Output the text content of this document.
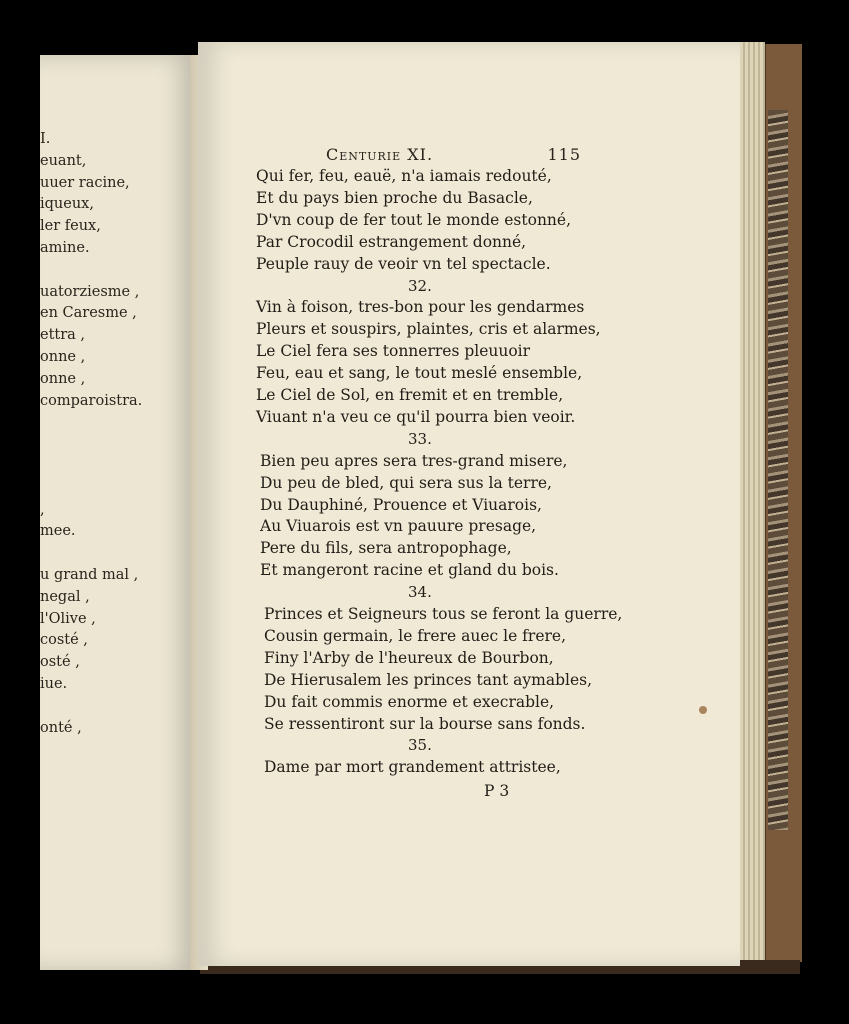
I.
euant,
uuer racine,
iqueux,
ler feux,
amine.
uatorziesme ,
en Caresme ,
ettra ,
onne ,
onne ,
comparoistra.
,
mee.
u grand mal ,
negal ,
l'Olive ,
costé ,
osté ,
iue.
onté ,
Centurie XI.	115
Qui fer, feu, eauë, n'a iamais redouté,
Et du pays bien proche du Basacle,
D'vn coup de fer tout le monde estonné,
Par Crocodil estrangement donné,
Peuple rauy de veoir vn tel spectacle.
32.
Vin à foison, tres-bon pour les gendarmes
Pleurs et souspirs, plaintes, cris et alarmes,
Le Ciel fera ses tonnerres pleuuoir
Feu, eau et sang, le tout meslé ensemble,
Le Ciel de Sol, en fremit et en tremble,
Viuant n'a veu ce qu'il pourra bien veoir.
33.
Bien peu apres sera tres-grand misere,
Du peu de bled, qui sera sus la terre,
Du Dauphiné, Prouence et Viuarois,
Au Viuarois est vn pauure presage,
Pere du fils, sera antropophage,
Et mangeront racine et gland du bois.
34.
Princes et Seigneurs tous se feront la guerre,
Cousin germain, le frere auec le frere,
Finy l'Arby de l'heureux de Bourbon,
De Hierusalem les princes tant aymables,
Du fait commis enorme et execrable,
Se ressentiront sur la bourse sans fonds.
35.
Dame par mort grandement attristee,
P 3
